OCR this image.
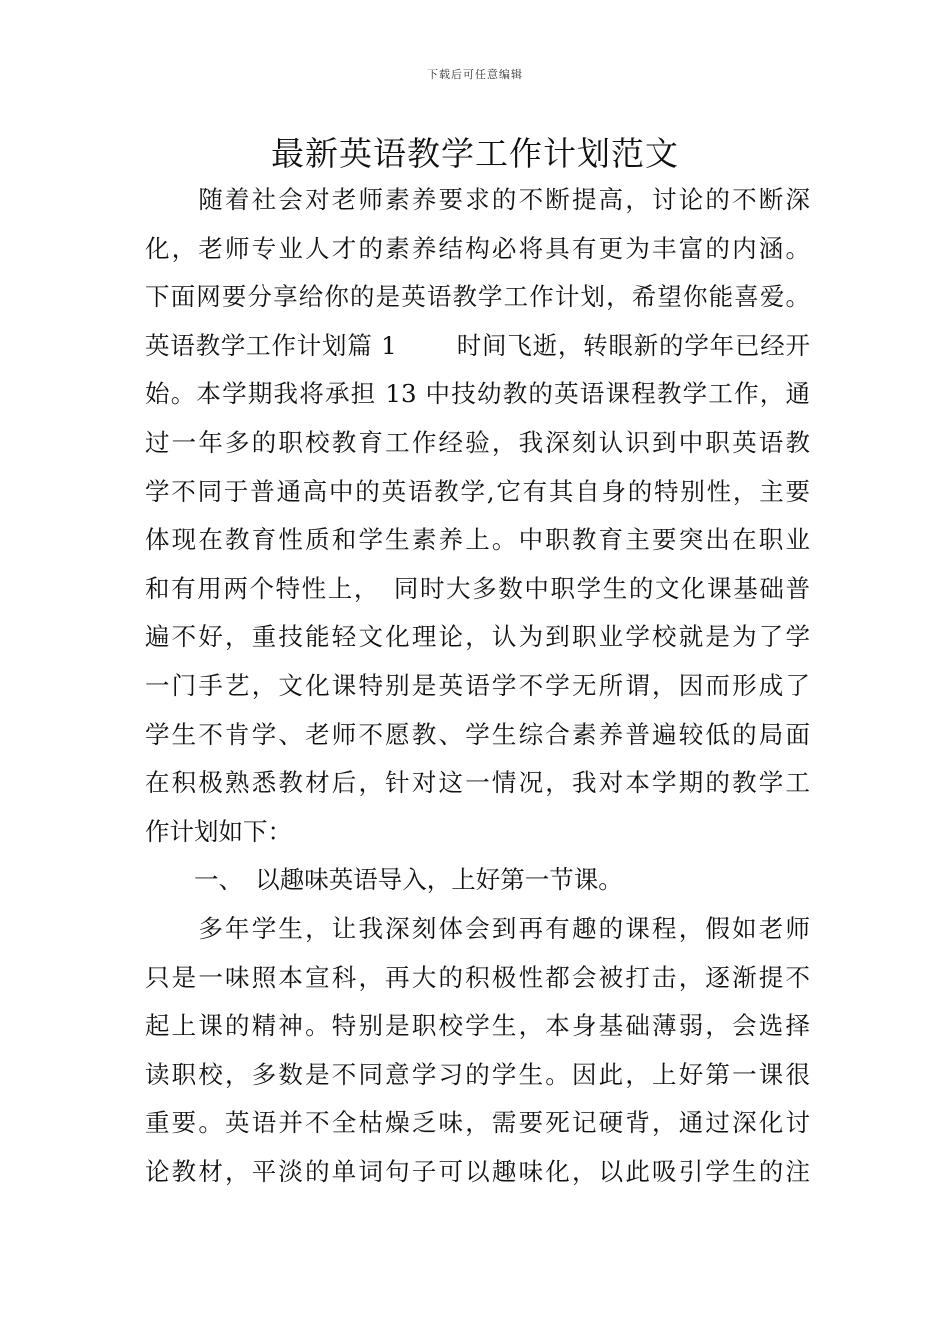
下载后可任意编辑
最新英语教学工作计划范文
　　随着社会对老师素养要求的不断提高，讨论的不断深
化，老师专业人才的素养结构必将具有更为丰富的内涵。
下面网要分享给你的是英语教学工作计划，希望你能喜爱。
英语教学工作计划篇 1　　 时间飞逝，转眼新的学年已经开
始。本学期我将承担 13 中技幼教的英语课程教学工作，通
过一年多的职校教育工作经验，我深刻认识到中职英语教
学不同于普通高中的英语教学,它有其自身的特别性，主要
体现在教育性质和学生素养上。中职教育主要突出在职业
和有用两个特性上，　同时大多数中职学生的文化课基础普
遍不好，重技能轻文化理论，认为到职业学校就是为了学
一门手艺，文化课特别是英语学不学无所谓，因而形成了
学生不肯学、老师不愿教、学生综合素养普遍较低的局面
在积极熟悉教材后，针对这一情况，我对本学期的教学工
作计划如下：
　　一、　以趣味英语导入，上好第一节课。
　　多年学生，让我深刻体会到再有趣的课程，假如老师
只是一味照本宣科，再大的积极性都会被打击，逐渐提不
起上课的精神。特别是职校学生，本身基础薄弱，会选择
读职校，多数是不同意学习的学生。因此，上好第一课很
重要。英语并不全枯燥乏味，需要死记硬背，通过深化讨
论教材，平淡的单词句子可以趣味化，以此吸引学生的注
